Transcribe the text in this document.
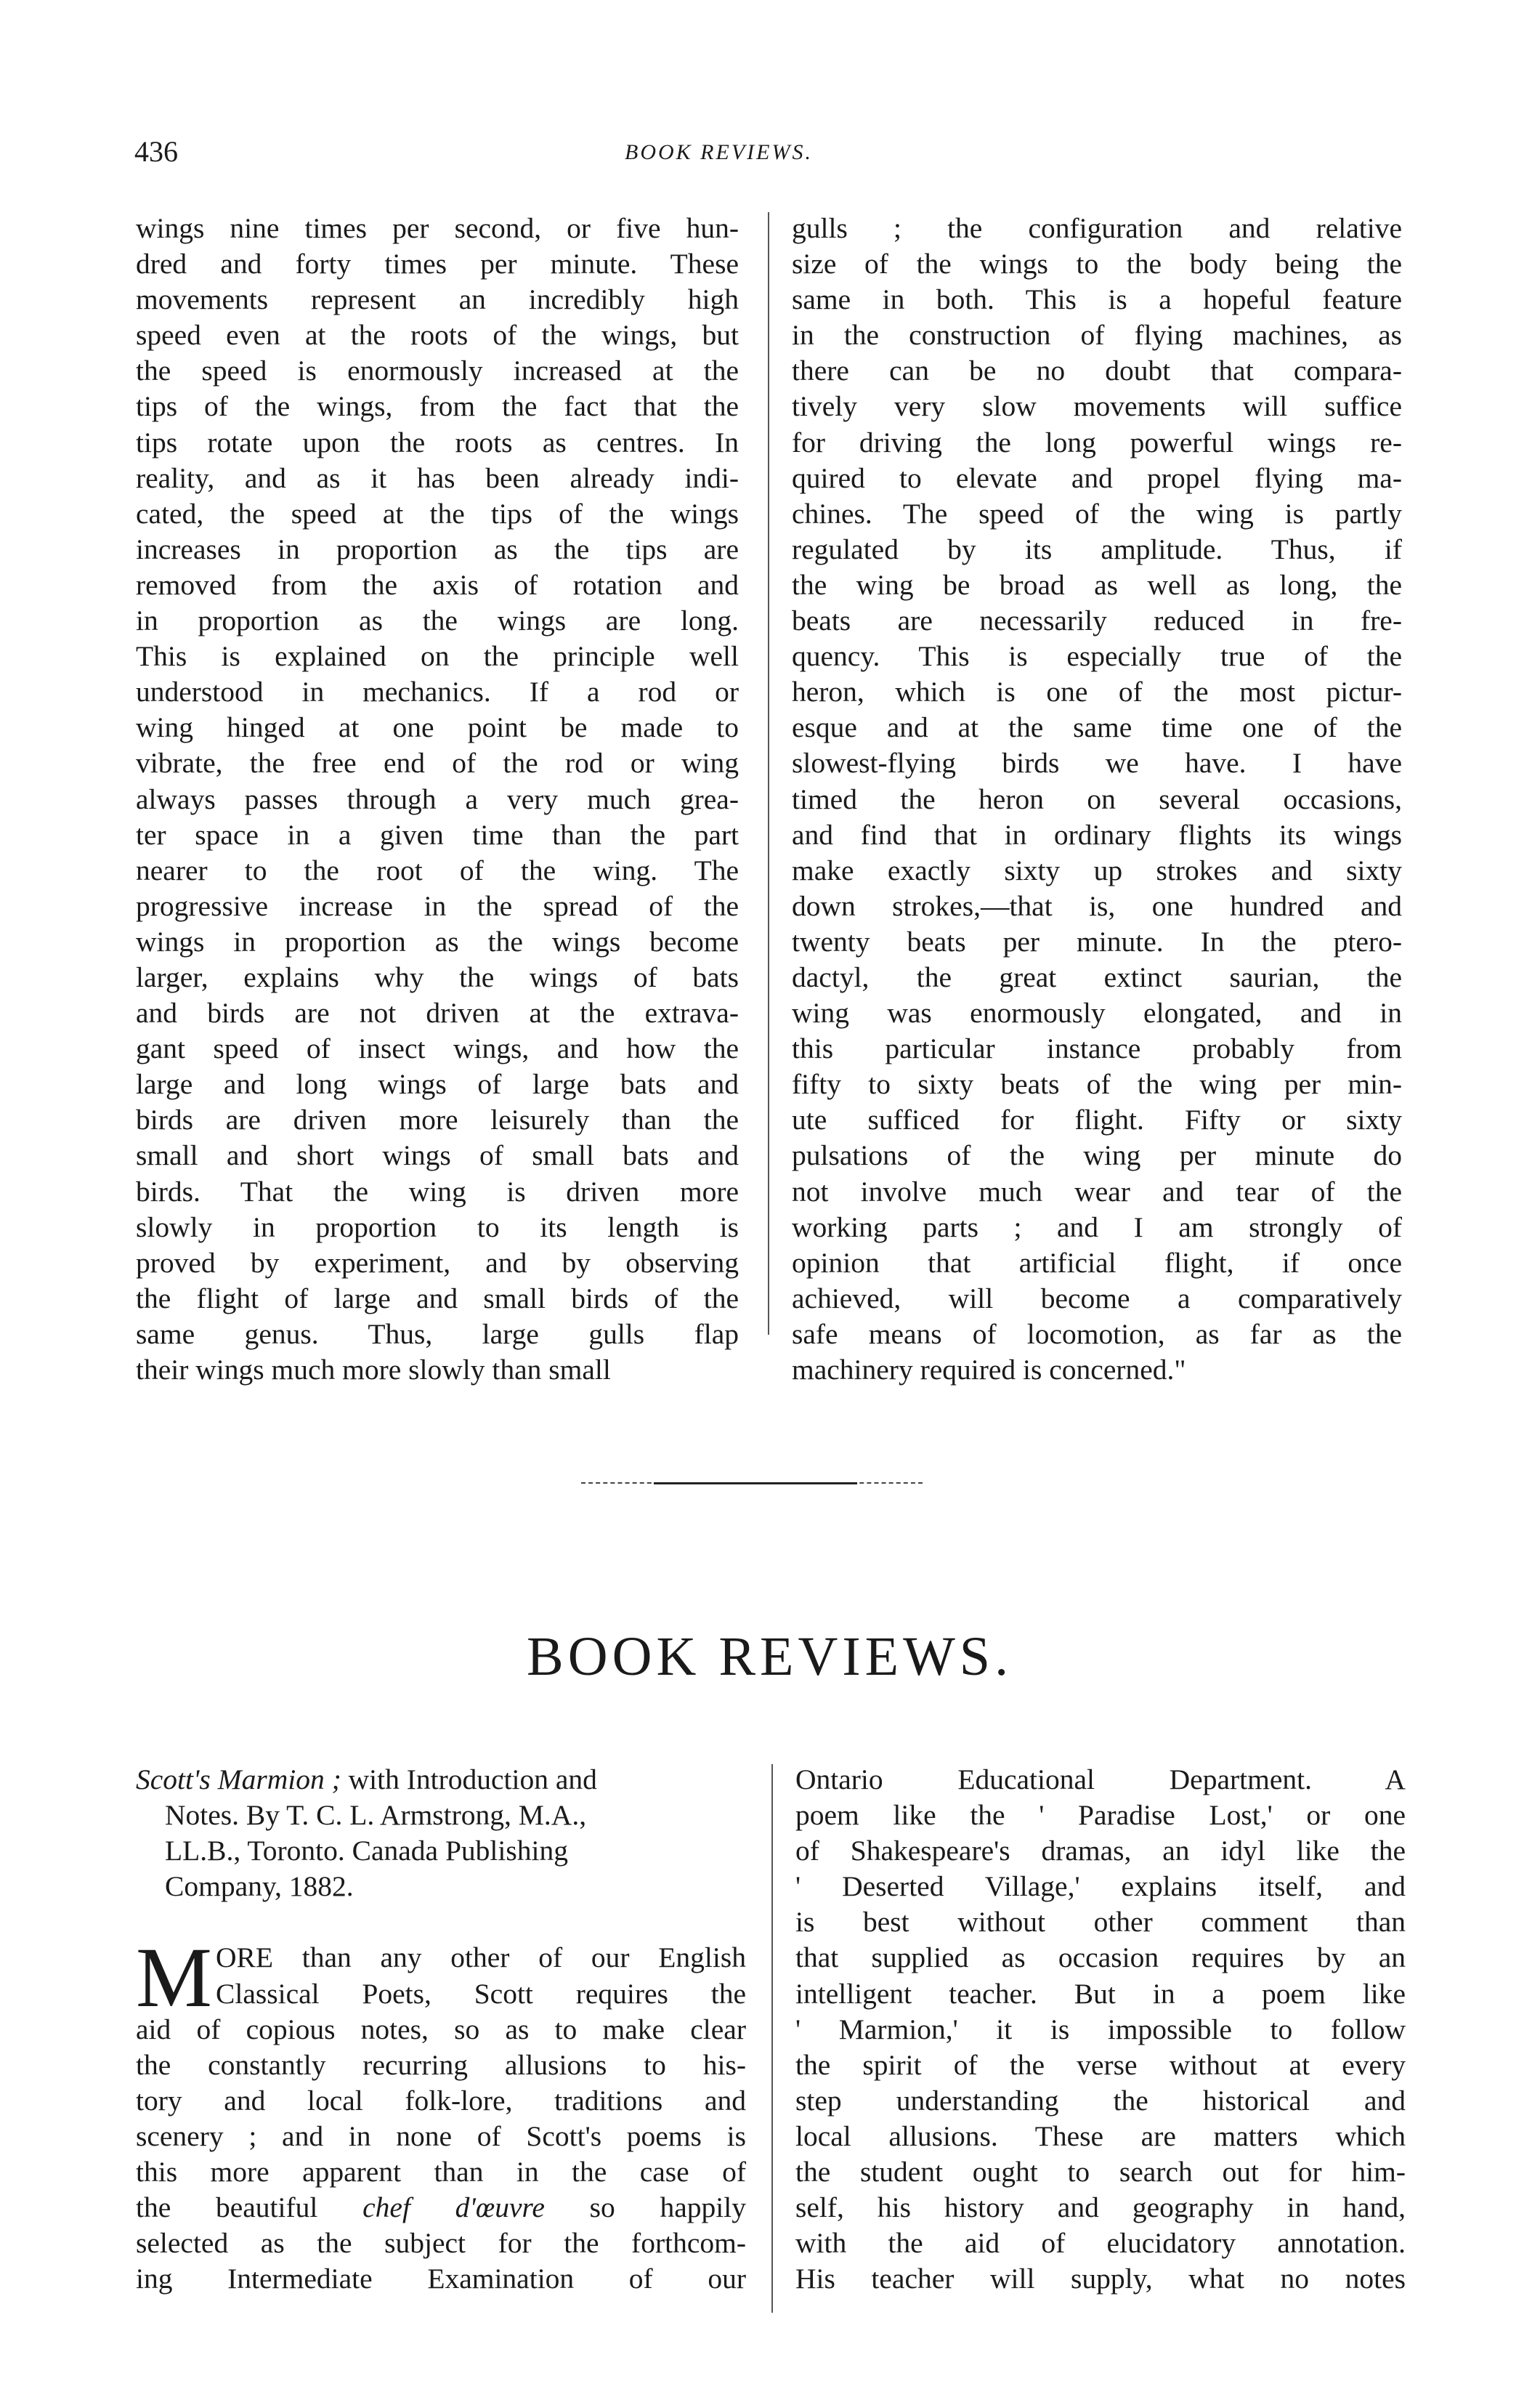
436	BOOK REVIEWS.
wings nine times per second, or five hun-
dred and forty times per minute. These
movements represent an incredibly high
speed even at the roots of the wings, but
the speed is enormously increased at the
tips of the wings, from the fact that the
tips rotate upon the roots as centres. In
reality, and as it has been already indi-
cated, the speed at the tips of the wings
increases in proportion as the tips are
removed from the axis of rotation and
in proportion as the wings are long.
This is explained on the principle well
understood in mechanics. If a rod or
wing hinged at one point be made to
vibrate, the free end of the rod or wing
always passes through a very much grea-
ter space in a given time than the part
nearer to the root of the wing. The
progressive increase in the spread of the
wings in proportion as the wings become
larger, explains why the wings of bats
and birds are not driven at the extrava-
gant speed of insect wings, and how the
large and long wings of large bats and
birds are driven more leisurely than the
small and short wings of small bats and
birds. That the wing is driven more
slowly in proportion to its length is
proved by experiment, and by observing
the flight of large and small birds of the
same genus. Thus, large gulls flap
their wings much more slowly than small
gulls ; the configuration and relative
size of the wings to the body being the
same in both. This is a hopeful feature
in the construction of flying machines, as
there can be no doubt that compara-
tively very slow movements will suffice
for driving the long powerful wings re-
quired to elevate and propel flying ma-
chines. The speed of the wing is partly
regulated by its amplitude. Thus, if
the wing be broad as well as long, the
beats are necessarily reduced in fre-
quency. This is especially true of the
heron, which is one of the most pictur-
esque and at the same time one of the
slowest-flying birds we have. I have
timed the heron on several occasions,
and find that in ordinary flights its wings
make exactly sixty up strokes and sixty
down strokes,—that is, one hundred and
twenty beats per minute. In the ptero-
dactyl, the great extinct saurian, the
wing was enormously elongated, and in
this particular instance probably from
fifty to sixty beats of the wing per min-
ute sufficed for flight. Fifty or sixty
pulsations of the wing per minute do
not involve much wear and tear of the
working parts ; and I am strongly of
opinion that artificial flight, if once
achieved, will become a comparatively
safe means of locomotion, as far as the
machinery required is concerned."
BOOK REVIEWS.
Scott's Marmion ; with Introduction and
Notes. By T. C. L. Armstrong, M.A.,
LL.B., Toronto. Canada Publishing
Company, 1882.
ORE than any other of our English
Classical Poets, Scott requires the
aid of copious notes, so as to make clear
the constantly recurring allusions to his-
tory and local folk-lore, traditions and
scenery ; and in none of Scott's poems is
this more apparent than in the case of
the beautiful chef d'œuvre so happily
selected as the subject for the forthcom-
ing Intermediate Examination of our
M
Ontario Educational Department. A
poem like the ' Paradise Lost,' or one
of Shakespeare's dramas, an idyl like the
' Deserted Village,' explains itself, and
is best without other comment than
that supplied as occasion requires by an
intelligent teacher. But in a poem like
' Marmion,' it is impossible to follow
the spirit of the verse without at every
step understanding the historical and
local allusions. These are matters which
the student ought to search out for him-
self, his history and geography in hand,
with the aid of elucidatory annotation.
His teacher will supply, what no notes
